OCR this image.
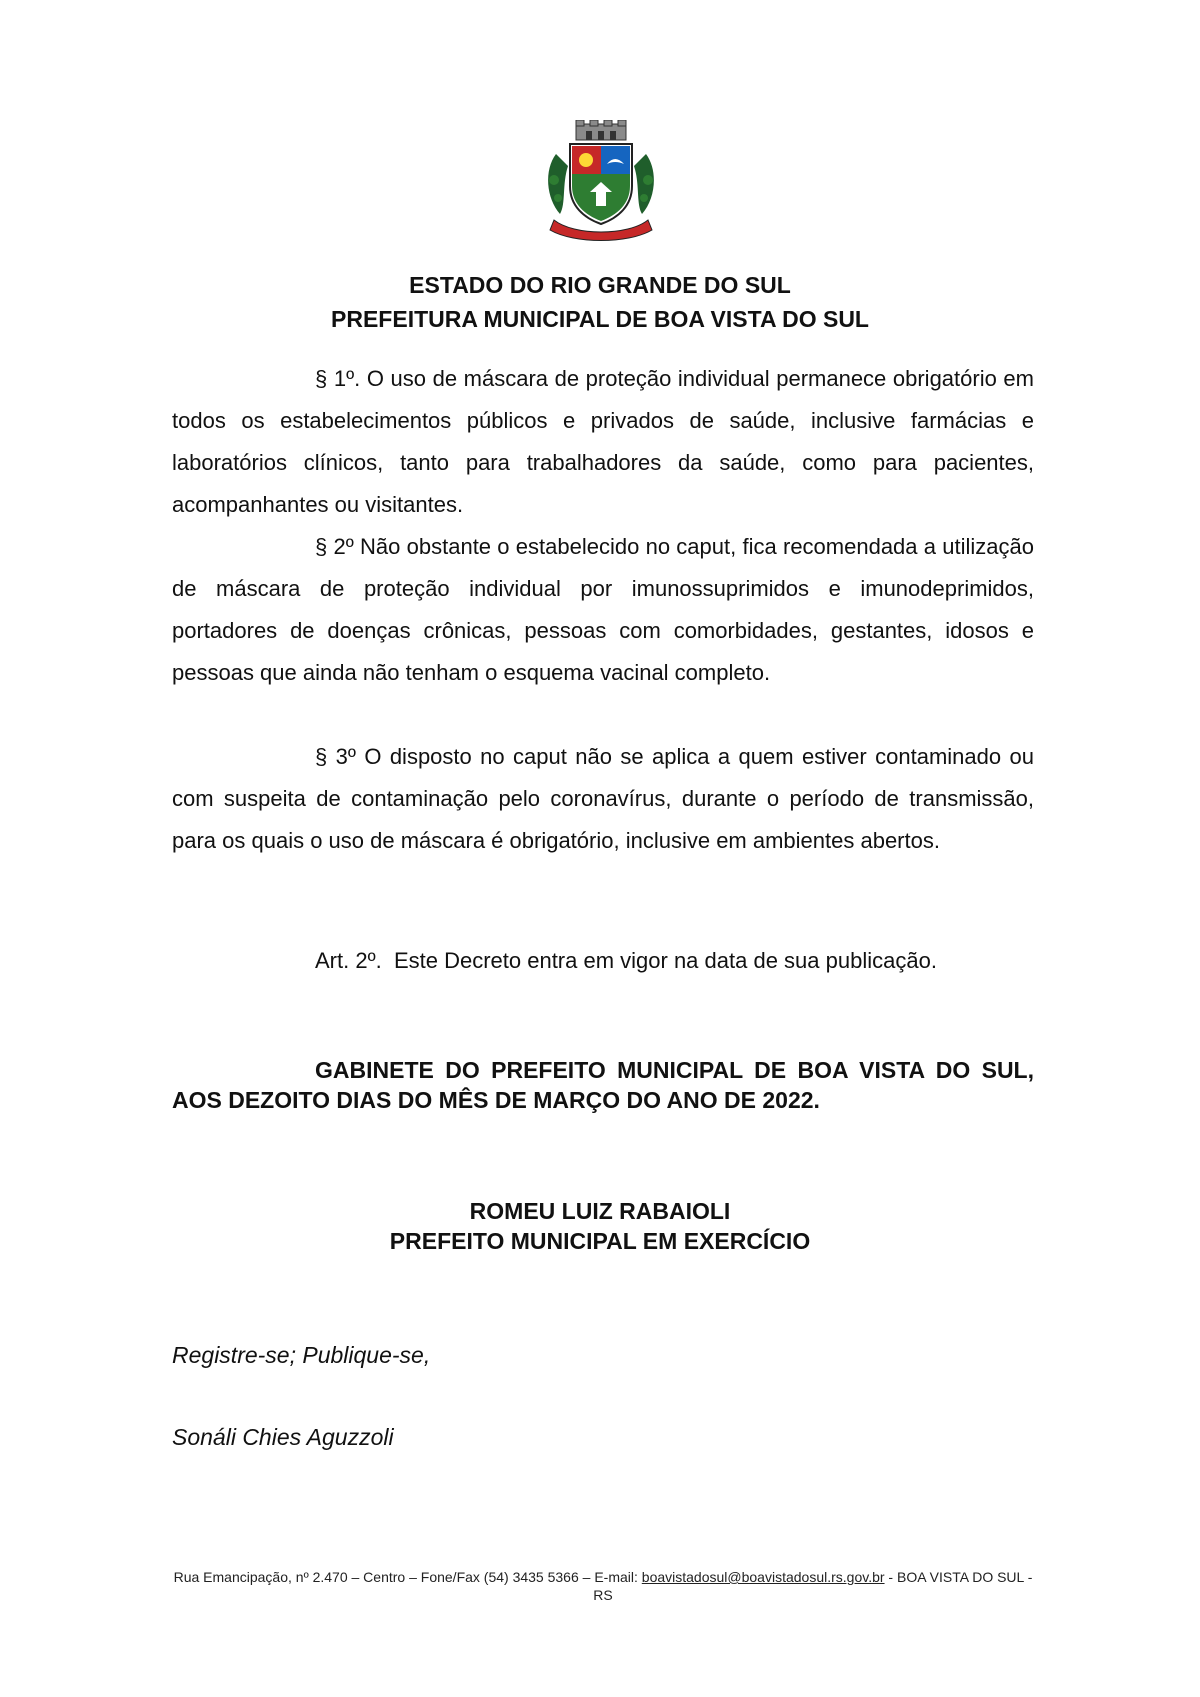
ESTADO DO RIO GRANDE DO SUL
PREFEITURA MUNICIPAL DE BOA VISTA DO SUL

§ 1º. O uso de máscara de proteção individual permanece obrigatório em todos os estabelecimentos públicos e privados de saúde, inclusive farmácias e laboratórios clínicos, tanto para trabalhadores da saúde, como para pacientes, acompanhantes ou visitantes.

§ 2º Não obstante o estabelecido no caput, fica recomendada a utilização de máscara de proteção individual por imunossuprimidos e imunodeprimidos, portadores de doenças crônicas, pessoas com comorbidades, gestantes, idosos e pessoas que ainda não tenham o esquema vacinal completo.

§ 3º O disposto no caput não se aplica a quem estiver contaminado ou com suspeita de contaminação pelo coronavírus, durante o período de transmissão, para os quais o uso de máscara é obrigatório, inclusive em ambientes abertos.

Art. 2º.  Este Decreto entra em vigor na data de sua publicação.

GABINETE DO PREFEITO MUNICIPAL DE BOA VISTA DO SUL, AOS DEZOITO DIAS DO MÊS DE MARÇO DO ANO DE 2022.

ROMEU LUIZ RABAIOLI
PREFEITO MUNICIPAL EM EXERCÍCIO

Registre-se; Publique-se,

Sonáli Chies Aguzzoli

Rua Emancipação, nº 2.470 – Centro – Fone/Fax (54) 3435 5366 – E-mail: boavistadosul@boavistadosul.rs.gov.br - BOA VISTA DO SUL - RS
